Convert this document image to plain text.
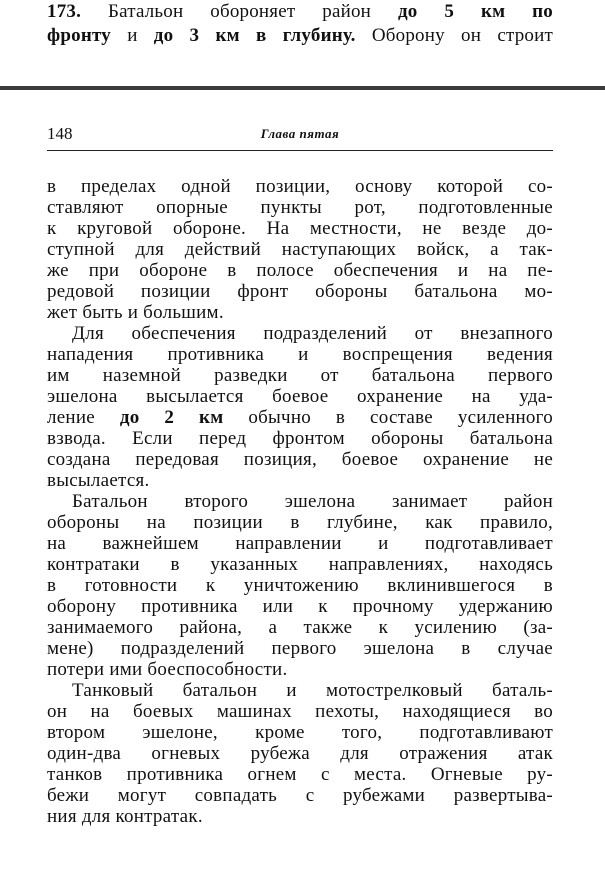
173. Батальон обороняет район до 5 км по
фронту и до 3 км в глубину. Оборону он строит
148	Глава пятая
в пределах одной позиции, основу которой со-
ставляют опорные пункты рот, подготовленные
к круговой обороне. На местности, не везде до-
ступной для действий наступающих войск, а так-
же при обороне в полосе обеспечения и на пе-
редовой позиции фронт обороны батальона мо-
жет быть и большим.
Для обеспечения подразделений от внезапного
нападения противника и воспрещения ведения
им наземной разведки от батальона первого
эшелона высылается боевое охранение на уда-
ление до 2 км обычно в составе усиленного
взвода. Если перед фронтом обороны батальона
создана передовая позиция, боевое охранение не
высылается.
Батальон второго эшелона занимает район
обороны на позиции в глубине, как правило,
на важнейшем направлении и подготавливает
контратаки в указанных направлениях, находясь
в готовности к уничтожению вклинившегося в
оборону противника или к прочному удержанию
занимаемого района, а также к усилению (за-
мене) подразделений первого эшелона в случае
потери ими боеспособности.
Танковый батальон и мотострелковый баталь-
он на боевых машинах пехоты, находящиеся во
втором эшелоне, кроме того, подготавливают
один-два огневых рубежа для отражения атак
танков противника огнем с места. Огневые ру-
бежи могут совпадать с рубежами развертыва-
ния для контратак.
